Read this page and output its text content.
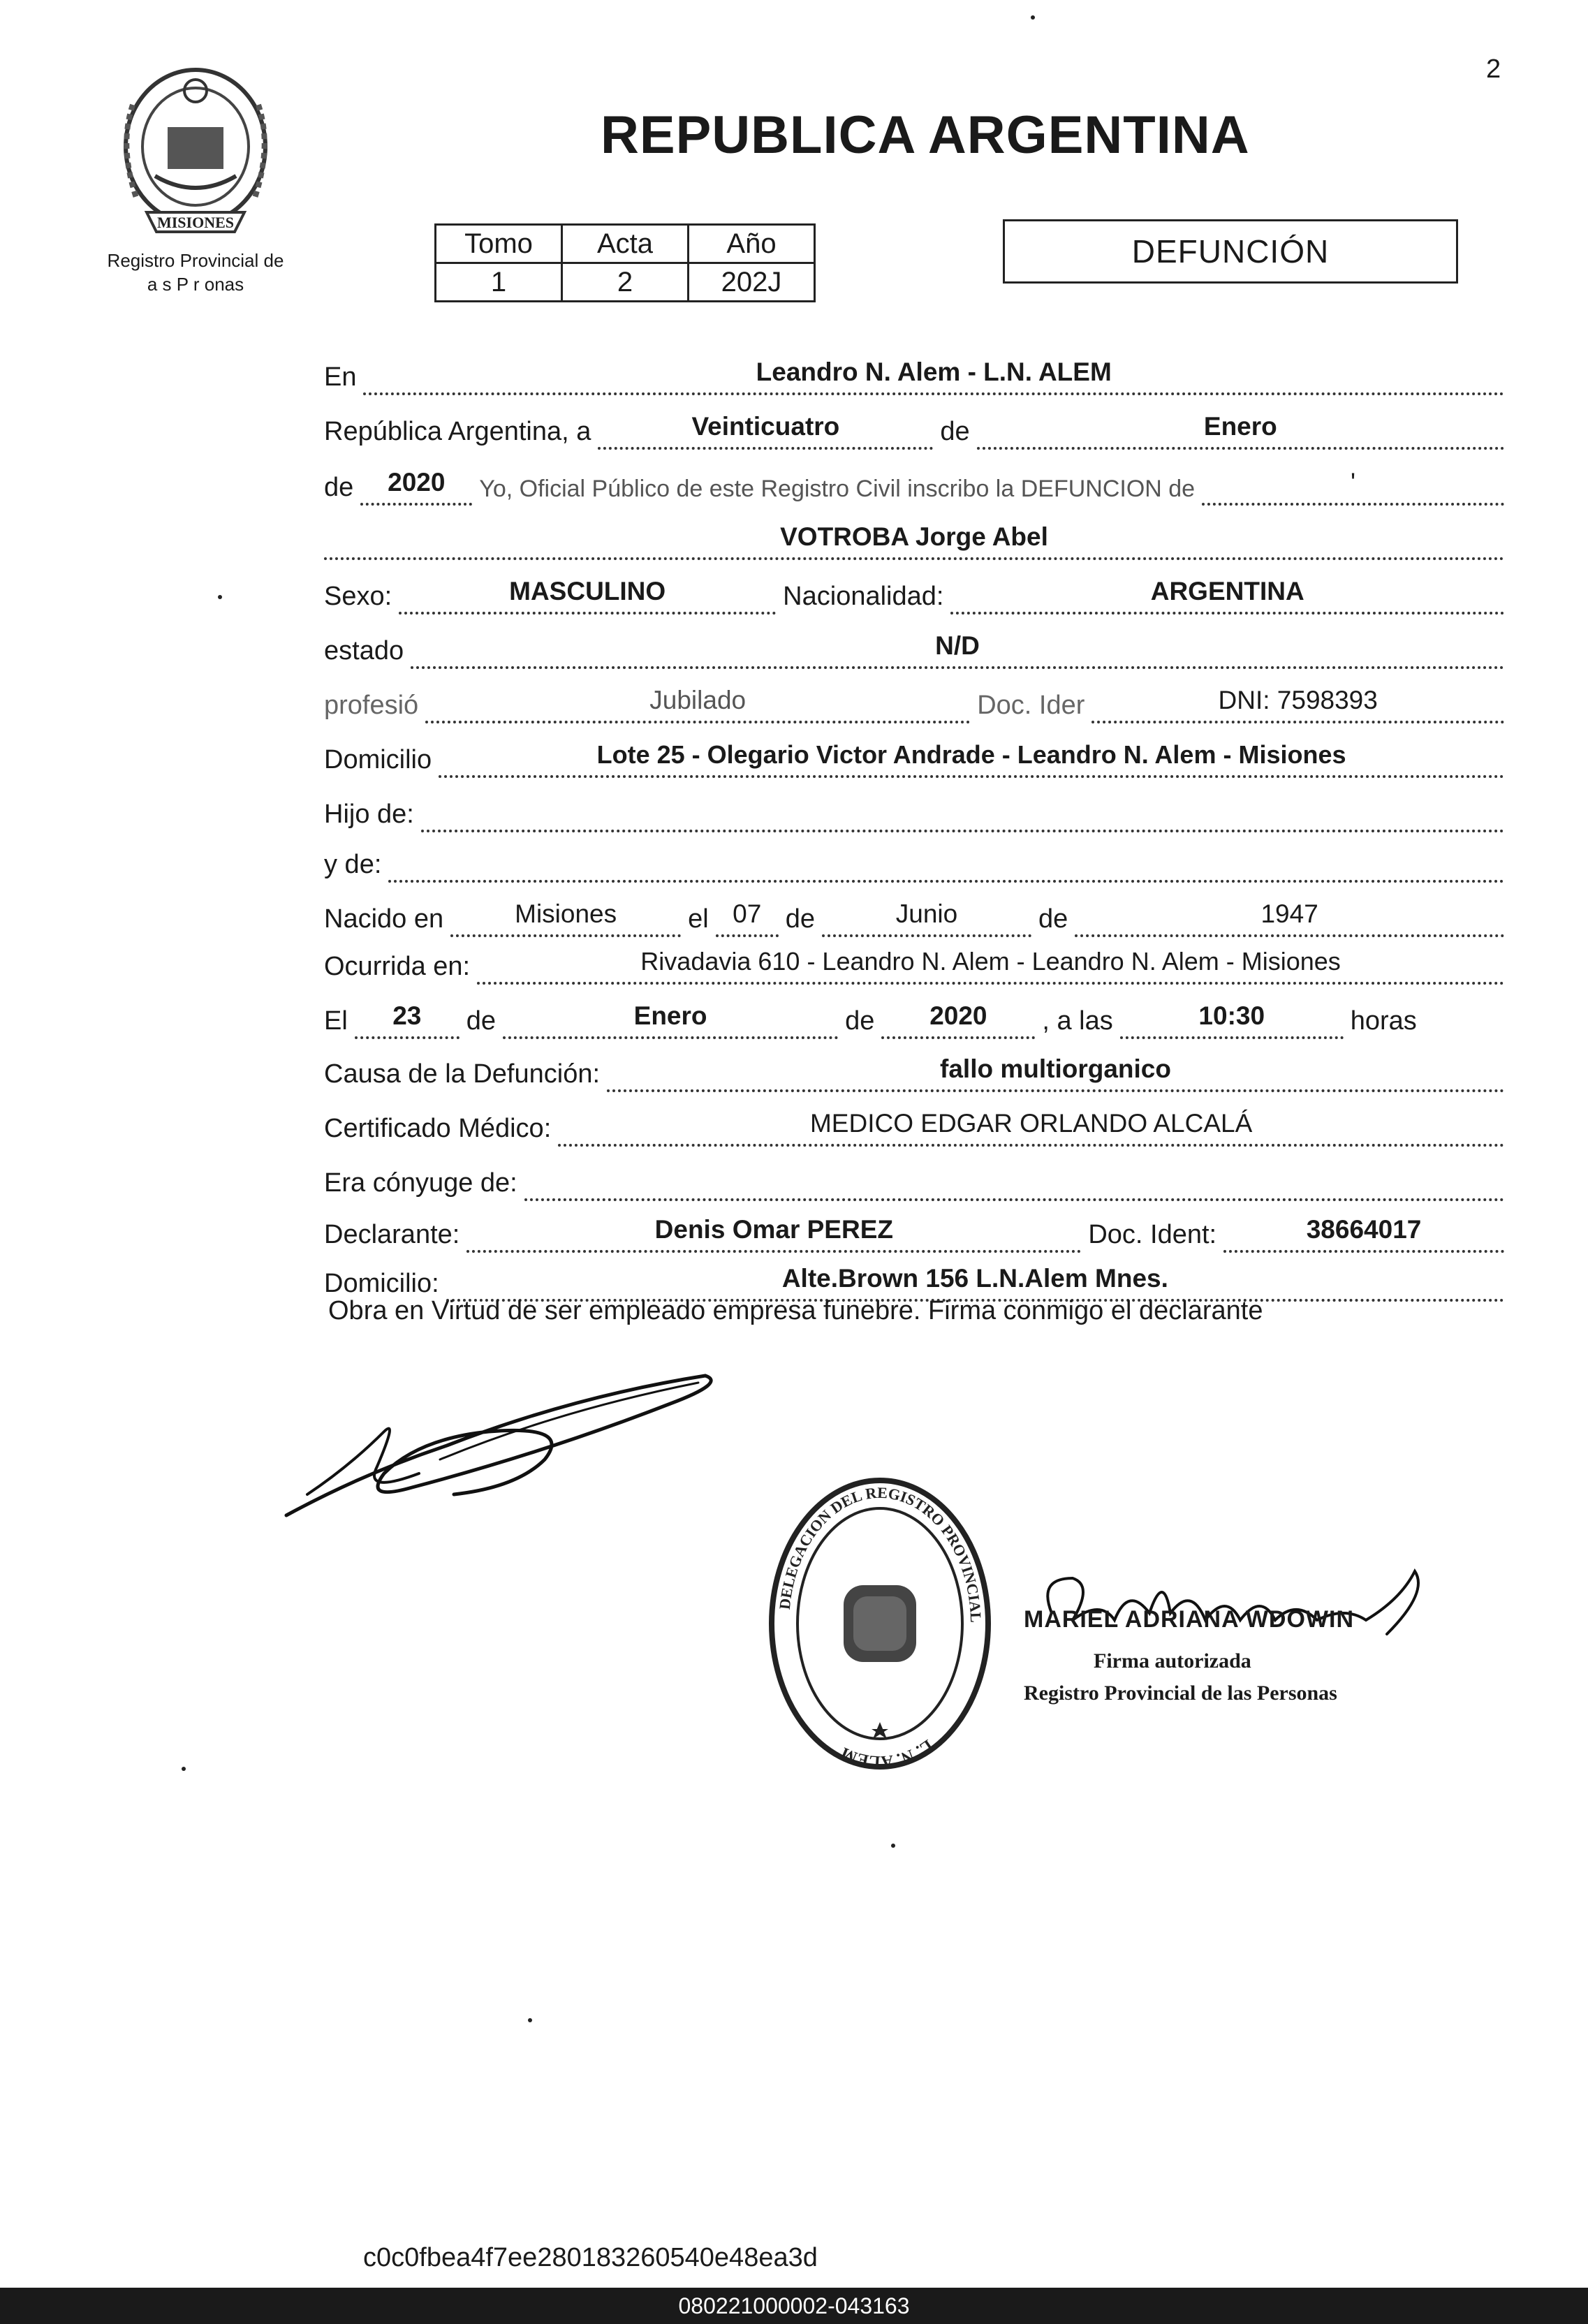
2
MISIONES
Registro Provincial de
a s P r onas
REPUBLICA ARGENTINA
Tomo	Acta	Año
1	2	202J
DEFUNCIÓN
En	Leandro N. Alem - L.N. ALEM
República Argentina, a	Veinticuatro	de	Enero
de	2020	Yo, Oficial Público de este Registro Civil inscribo la DEFUNCION de	'
VOTROBA Jorge Abel
Sexo:	MASCULINO	Nacionalidad:	ARGENTINA
estado	N/D
profesió	Jubilado	Doc. Ider	DNI: 7598393
Domicilio	Lote 25 - Olegario Victor Andrade - Leandro N. Alem - Misiones
Hijo de:
y de:
Nacido en	Misiones	el 07 de	Junio	de	1947
Ocurrida en:	Rivadavia 610 - Leandro N. Alem - Leandro N. Alem - Misiones
El	23	de	Enero	de	2020	, a las	10:30	horas
Causa de la Defunción:	fallo multiorganico
Certificado Médico:	MEDICO EDGAR ORLANDO ALCALÁ
Era cónyuge de:
Declarante:	Denis Omar PEREZ	Doc. Ident:	38664017
Domicilio:	Alte.Brown 156 L.N.Alem Mnes.
Obra en Virtud de ser empleado empresa funebre. Firma conmigo el declarante
DELEGACION DEL REGISTRO PROVINCIAL
L. N. ALEM
MARIEL ADRIANA WDOWIN
Firma autorizada
Registro Provincial de las Personas
c0c0fbea4f7ee280183260540e48ea3d
080221000002-043163
